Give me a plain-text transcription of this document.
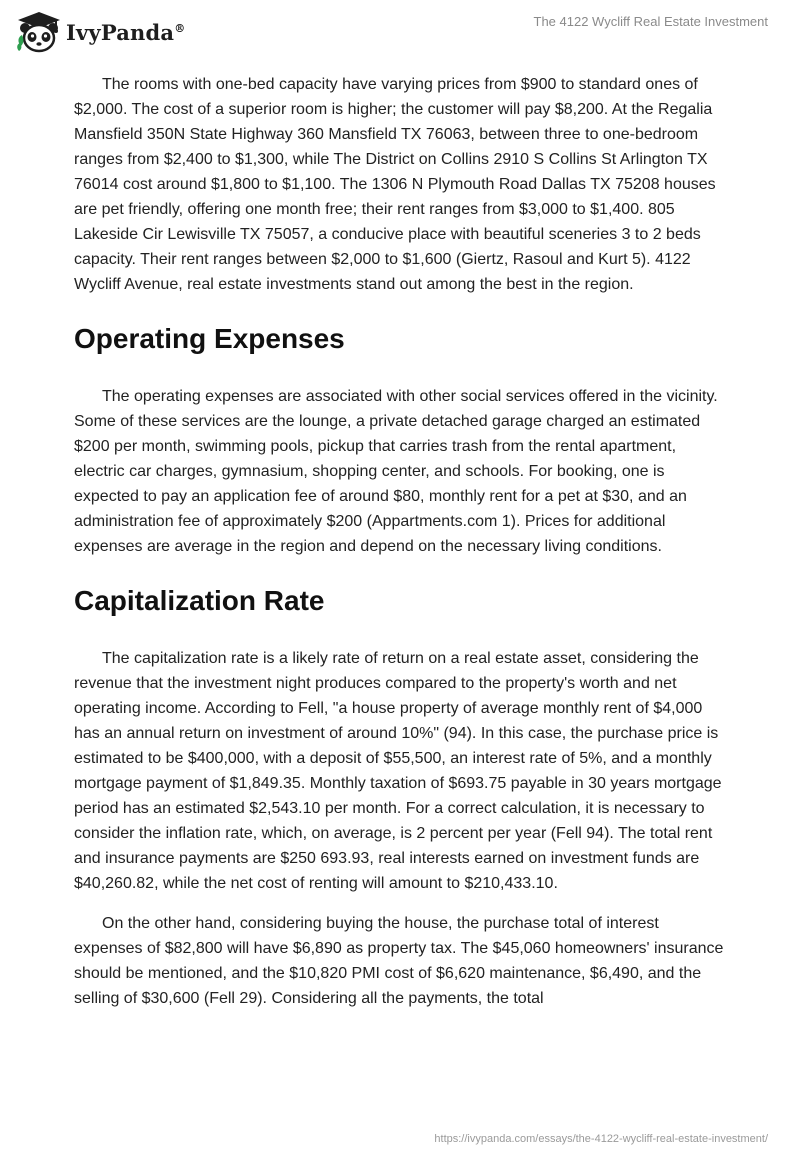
IvyPanda®	The 4122 Wycliff Real Estate Investment

The rooms with one-bed capacity have varying prices from $900 to standard ones of $2,000. The cost of a superior room is higher; the customer will pay $8,200. At the Regalia Mansfield 350N State Highway 360 Mansfield TX 76063, between three to one-bedroom ranges from $2,400 to $1,300, while The District on Collins 2910 S Collins St Arlington TX 76014 cost around $1,800 to $1,100. The 1306 N Plymouth Road Dallas TX 75208 houses are pet friendly, offering one month free; their rent ranges from $3,000 to $1,400. 805 Lakeside Cir Lewisville TX 75057, a conducive place with beautiful sceneries 3 to 2 beds capacity. Their rent ranges between $2,000 to $1,600 (Giertz, Rasoul and Kurt 5). 4122 Wycliff Avenue, real estate investments stand out among the best in the region.

Operating Expenses

The operating expenses are associated with other social services offered in the vicinity. Some of these services are the lounge, a private detached garage charged an estimated $200 per month, swimming pools, pickup that carries trash from the rental apartment, electric car charges, gymnasium, shopping center, and schools. For booking, one is expected to pay an application fee of around $80, monthly rent for a pet at $30, and an administration fee of approximately $200 (Appartments.com 1). Prices for additional expenses are average in the region and depend on the necessary living conditions.

Capitalization Rate

The capitalization rate is a likely rate of return on a real estate asset, considering the revenue that the investment night produces compared to the property's worth and net operating income. According to Fell, "a house property of average monthly rent of $4,000 has an annual return on investment of around 10%" (94). In this case, the purchase price is estimated to be $400,000, with a deposit of $55,500, an interest rate of 5%, and a monthly mortgage payment of $1,849.35. Monthly taxation of $693.75 payable in 30 years mortgage period has an estimated $2,543.10 per month. For a correct calculation, it is necessary to consider the inflation rate, which, on average, is 2 percent per year (Fell 94). The total rent and insurance payments are $250 693.93, real interests earned on investment funds are $40,260.82, while the net cost of renting will amount to $210,433.10.

On the other hand, considering buying the house, the purchase total of interest expenses of $82,800 will have $6,890 as property tax. The $45,060 homeowners' insurance should be mentioned, and the $10,820 PMI cost of $6,620 maintenance, $6,490, and the selling of $30,600 (Fell 29). Considering all the payments, the total

https://ivypanda.com/essays/the-4122-wycliff-real-estate-investment/
